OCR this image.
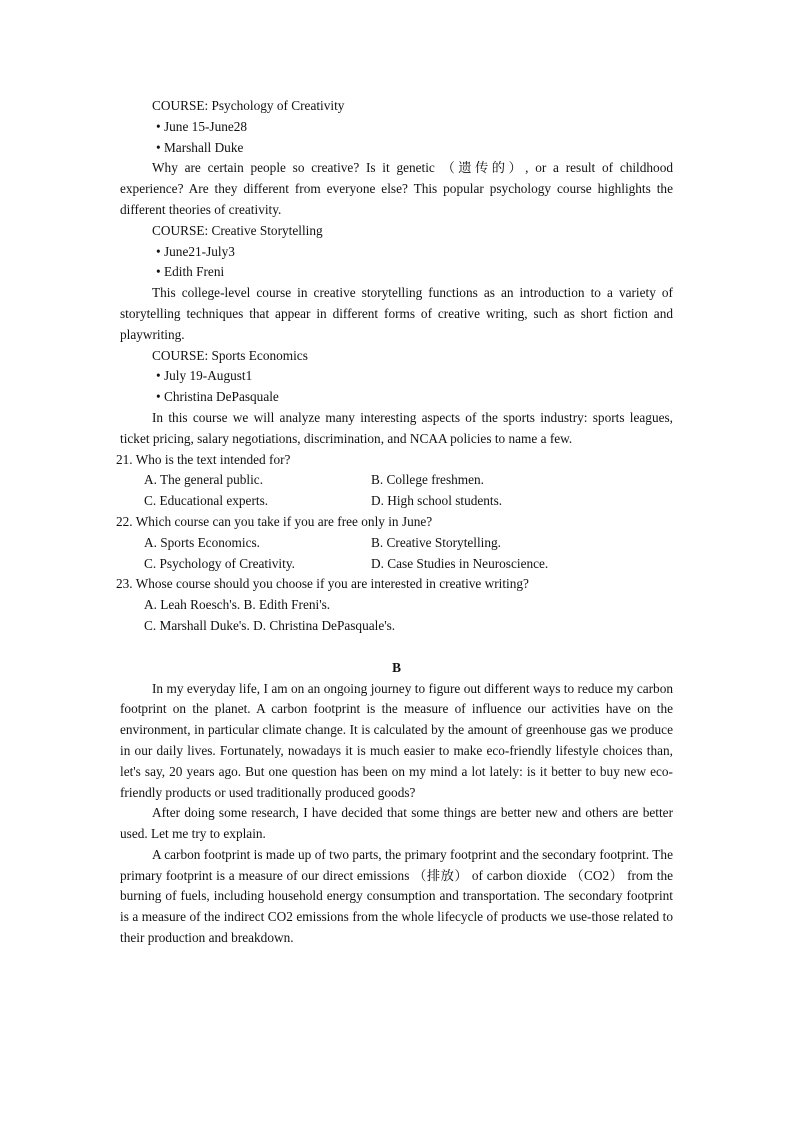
COURSE: Psychology of Creativity
• June 15-June28
• Marshall Duke
Why are certain people so creative? Is it genetic （遗传的）, or a result of childhood experience? Are they different from everyone else? This popular psychology course highlights the different theories of creativity.
COURSE: Creative Storytelling
• June21-July3
• Edith Freni
This college-level course in creative storytelling functions as an introduction to a variety of storytelling techniques that appear in different forms of creative writing, such as short fiction and playwriting.
COURSE: Sports Economics
• July 19-August1
• Christina DePasquale
In this course we will analyze many interesting aspects of the sports industry: sports leagues, ticket pricing, salary negotiations, discrimination, and NCAA policies to name a few.
21. Who is the text intended for?
A. The general public.	B. College freshmen.
C. Educational experts.	D. High school students.
22. Which course can you take if you are free only in June?
A. Sports Economics.	B. Creative Storytelling.
C. Psychology of Creativity.	D. Case Studies in Neuroscience.
23. Whose course should you choose if you are interested in creative writing?
A. Leah Roesch's. B. Edith Freni's.
C. Marshall Duke's. D. Christina DePasquale's.
B
In my everyday life, I am on an ongoing journey to figure out different ways to reduce my carbon footprint on the planet. A carbon footprint is the measure of influence our activities have on the environment, in particular climate change. It is calculated by the amount of greenhouse gas we produce in our daily lives. Fortunately, nowadays it is much easier to make eco-friendly lifestyle choices than, let's say, 20 years ago. But one question has been on my mind a lot lately: is it better to buy new eco-friendly products or used traditionally produced goods?
After doing some research, I have decided that some things are better new and others are better used. Let me try to explain.
A carbon footprint is made up of two parts, the primary footprint and the secondary footprint. The primary footprint is a measure of our direct emissions （排放） of carbon dioxide （CO2） from the burning of fuels, including household energy consumption and transportation. The secondary footprint is a measure of the indirect CO2 emissions from the whole lifecycle of products we use-those related to their production and breakdown.
